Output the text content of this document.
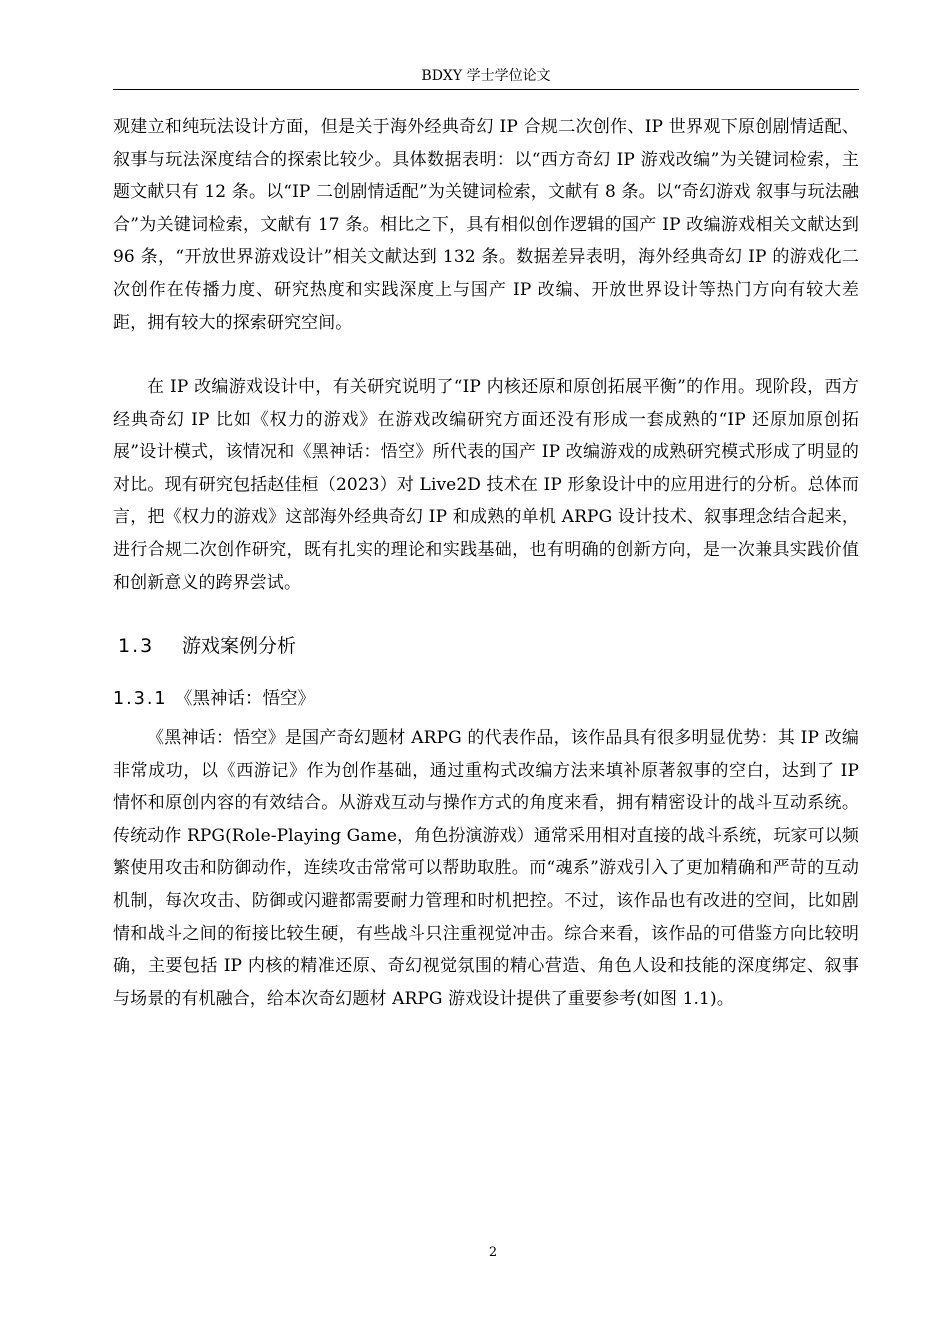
BDXY 学士学位论文

观建立和纯玩法设计方面，但是关于海外经典奇幻 IP 合规二次创作、IP 世界观下原创剧情适配、叙事与玩法深度结合的探索比较少。具体数据表明：以“西方奇幻 IP 游戏改编”为关键词检索，主题文献只有 12 条。以“IP 二创剧情适配”为关键词检索，文献有 8 条。以“奇幻游戏 叙事与玩法融合”为关键词检索，文献有 17 条。相比之下，具有相似创作逻辑的国产 IP 改编游戏相关文献达到 96 条，“开放世界游戏设计”相关文献达到 132 条。数据差异表明，海外经典奇幻 IP 的游戏化二次创作在传播力度、研究热度和实践深度上与国产 IP 改编、开放世界设计等热门方向有较大差距，拥有较大的探索研究空间。

在 IP 改编游戏设计中，有关研究说明了“IP 内核还原和原创拓展平衡”的作用。现阶段，西方经典奇幻 IP 比如《权力的游戏》在游戏改编研究方面还没有形成一套成熟的“IP 还原加原创拓展”设计模式，该情况和《黑神话：悟空》所代表的国产 IP 改编游戏的成熟研究模式形成了明显的对比。现有研究包括赵佳桓（2023）对 Live2D 技术在 IP 形象设计中的应用进行的分析。总体而言，把《权力的游戏》这部海外经典奇幻 IP 和成熟的单机 ARPG 设计技术、叙事理念结合起来，进行合规二次创作研究，既有扎实的理论和实践基础，也有明确的创新方向，是一次兼具实践价值和创新意义的跨界尝试。

1.3 游戏案例分析
1.3.1 《黑神话：悟空》

《黑神话：悟空》是国产奇幻题材 ARPG 的代表作品，该作品具有很多明显优势：其 IP 改编非常成功，以《西游记》作为创作基础，通过重构式改编方法来填补原著叙事的空白，达到了 IP 情怀和原创内容的有效结合。从游戏互动与操作方式的角度来看，拥有精密设计的战斗互动系统。传统动作 RPG(Role-Playing Game，角色扮演游戏）通常采用相对直接的战斗系统，玩家可以频繁使用攻击和防御动作，连续攻击常常可以帮助取胜。而“魂系”游戏引入了更加精确和严苛的互动机制，每次攻击、防御或闪避都需要耐力管理和时机把控。不过，该作品也有改进的空间，比如剧情和战斗之间的衔接比较生硬，有些战斗只注重视觉冲击。综合来看，该作品的可借鉴方向比较明确，主要包括 IP 内核的精准还原、奇幻视觉氛围的精心营造、角色人设和技能的深度绑定、叙事与场景的有机融合，给本次奇幻题材 ARPG 游戏设计提供了重要参考(如图 1.1)。

2
